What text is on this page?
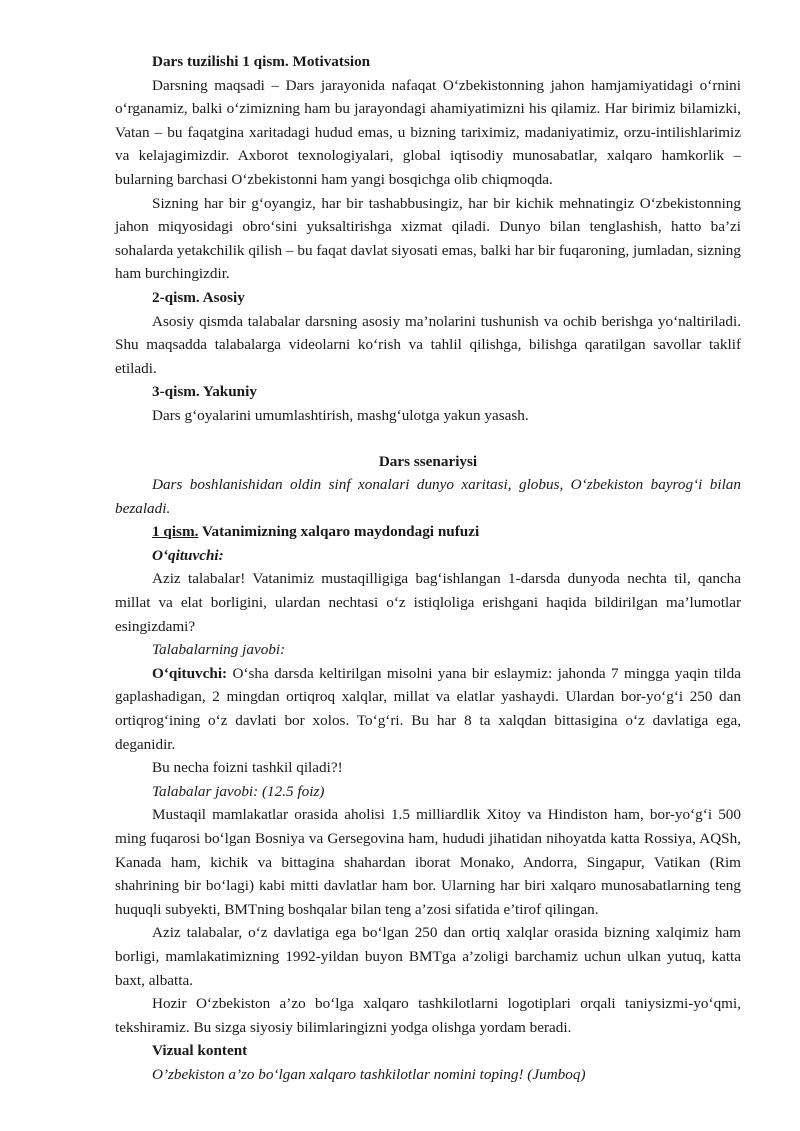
Dars tuzilishi 1 qism. Motivatsion

Darsning maqsadi – Dars jarayonida nafaqat O‘zbekistonning jahon hamjamiyatidagi o‘rnini o‘rganamiz, balki o‘zimizning ham bu jarayondagi ahamiyatimizni his qilamiz. Har birimiz bilamizki, Vatan – bu faqatgina xaritadagi hudud emas, u bizning tariximiz, madaniyatimiz, orzu-intilishlarimiz va kelajagimizdir. Axborot texnologiyalari, global iqtisodiy munosabatlar, xalqaro hamkorlik – bularning barchasi O‘zbekistonni ham yangi bosqichga olib chiqmoqda.

Sizning har bir g‘oyangiz, har bir tashabbusingiz, har bir kichik mehnatingiz O‘zbekistonning jahon miqyosidagi obro‘sini yuksaltirishga xizmat qiladi. Dunyo bilan tenglashish, hatto ba’zi sohalarda yetakchilik qilish – bu faqat davlat siyosati emas, balki har bir fuqaroning, jumladan, sizning ham burchingizdir.

2-qism. Asosiy

Asosiy qismda talabalar darsning asosiy ma’nolarini tushunish va ochib berishga yo‘naltiriladi. Shu maqsadda talabalarga videolarni ko‘rish va tahlil qilishga, bilishga qaratilgan savollar taklif etiladi.

3-qism. Yakuniy

Dars g‘oyalarini umumlashtirish, mashg‘ulotga yakun yasash.

Dars ssenariysi

Dars boshlanishidan oldin sinf xonalari dunyo xaritasi, globus, O‘zbekiston bayrog‘i bilan bezaladi.

1 qism. Vatanimizning xalqaro maydondagi nufuzi

O‘qituvchi:

Aziz talabalar! Vatanimiz mustaqilligiga bag‘ishlangan 1-darsda dunyoda nechta til, qancha millat va elat borligini, ulardan nechtasi o‘z istiqloliga erishgani haqida bildirilgan ma’lumotlar esingizdami?

Talabalarning javobi:

O‘qituvchi: O‘sha darsda keltirilgan misolni yana bir eslaymiz: jahonda 7 mingga yaqin tilda gaplashadigan, 2 mingdan ortiqroq xalqlar, millat va elatlar yashaydi. Ulardan bor-yo‘g‘i 250 dan ortiqrog‘ining o‘z davlati bor xolos. To‘g‘ri. Bu har 8 ta xalqdan bittasigina o‘z davlatiga ega, deganidir.

Bu necha foizni tashkil qiladi?!

Talabalar javobi: (12.5 foiz)

Mustaqil mamlakatlar orasida aholisi 1.5 milliardlik Xitoy va Hindiston ham, bor-yo‘g‘i 500 ming fuqarosi bo‘lgan Bosniya va Gersegovina ham, hududi jihatidan nihoyatda katta Rossiya, AQSh, Kanada ham, kichik va bittagina shahardan iborat Monako, Andorra, Singapur, Vatikan (Rim shahrining bir bo‘lagi) kabi mitti davlatlar ham bor. Ularning har biri xalqaro munosabatlarning teng huquqli subyekti, BMTning boshqalar bilan teng a’zosi sifatida e’tirof qilingan.

Aziz talabalar, o‘z davlatiga ega bo‘lgan 250 dan ortiq xalqlar orasida bizning xalqimiz ham borligi, mamlakatimizning 1992-yildan buyon BMTga a’zoligi barchamiz uchun ulkan yutuq, katta baxt, albatta.

Hozir O‘zbekiston a’zo bo‘lga xalqaro tashkilotlarni logotiplari orqali taniysizmi-yo‘qmi, tekshiramiz. Bu sizga siyosiy bilimlaringizni yodga olishga yordam beradi.

Vizual kontent

O’zbekiston a’zo bo‘lgan xalqaro tashkilotlar nomini toping! (Jumboq)
